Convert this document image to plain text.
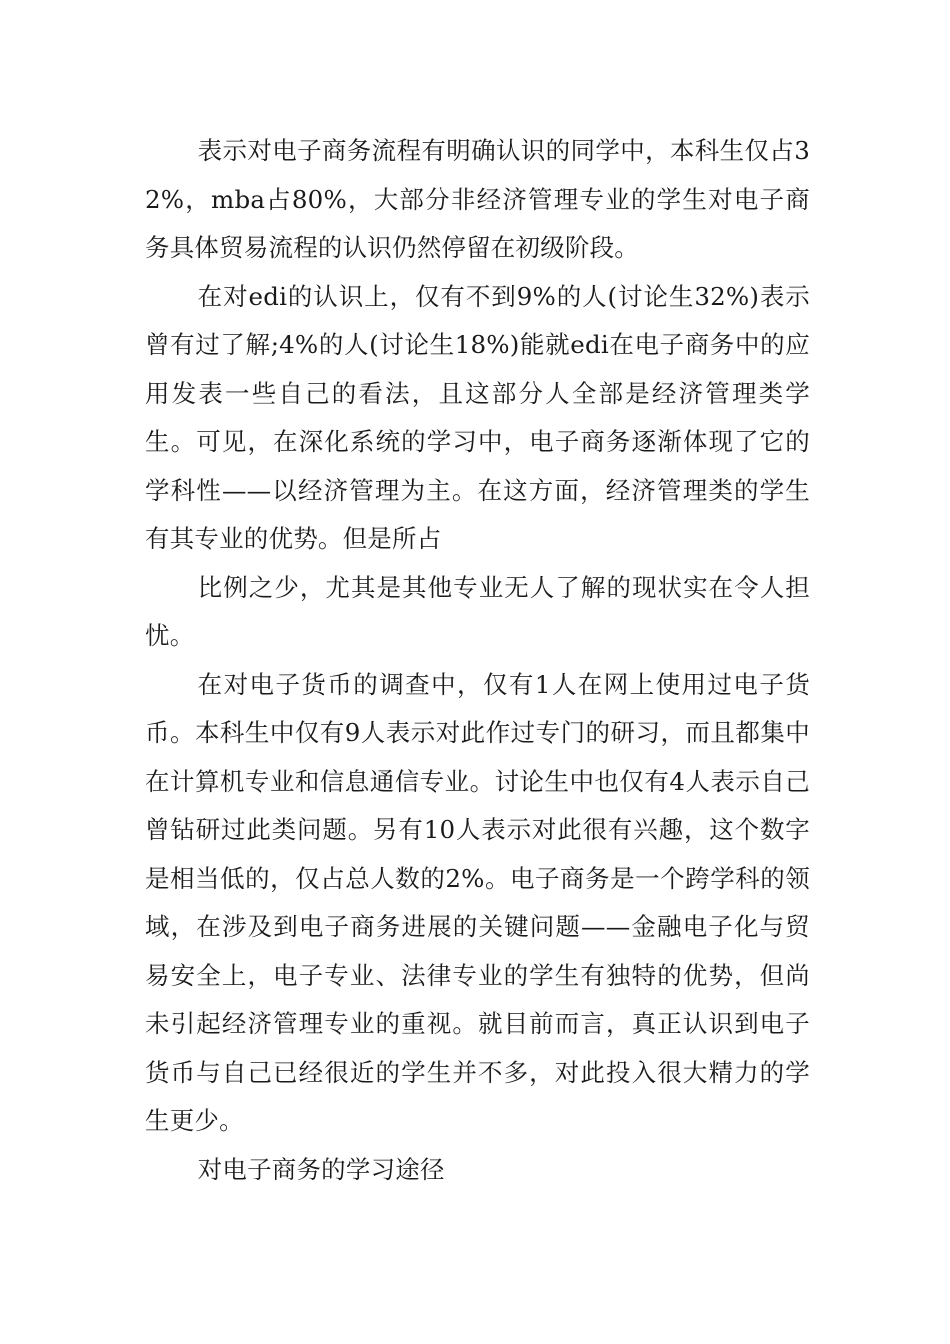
表示对电子商务流程有明确认识的同学中，本科生仅占32%，mba占80%，大部分非经济管理专业的学生对电子商务具体贸易流程的认识仍然停留在初级阶段。

在对edi的认识上，仅有不到9%的人(讨论生32%)表示曾有过了解;4%的人(讨论生18%)能就edi在电子商务中的应用发表一些自己的看法，且这部分人全部是经济管理类学生。可见，在深化系统的学习中，电子商务逐渐体现了它的学科性——以经济管理为主。在这方面，经济管理类的学生有其专业的优势。但是所占

比例之少，尤其是其他专业无人了解的现状实在令人担忧。

在对电子货币的调查中，仅有1人在网上使用过电子货币。本科生中仅有9人表示对此作过专门的研习，而且都集中在计算机专业和信息通信专业。讨论生中也仅有4人表示自己曾钻研过此类问题。另有10人表示对此很有兴趣，这个数字是相当低的，仅占总人数的2%。电子商务是一个跨学科的领域，在涉及到电子商务进展的关键问题——金融电子化与贸易安全上，电子专业、法律专业的学生有独特的优势，但尚未引起经济管理专业的重视。就目前而言，真正认识到电子货币与自己已经很近的学生并不多，对此投入很大精力的学生更少。

对电子商务的学习途径
